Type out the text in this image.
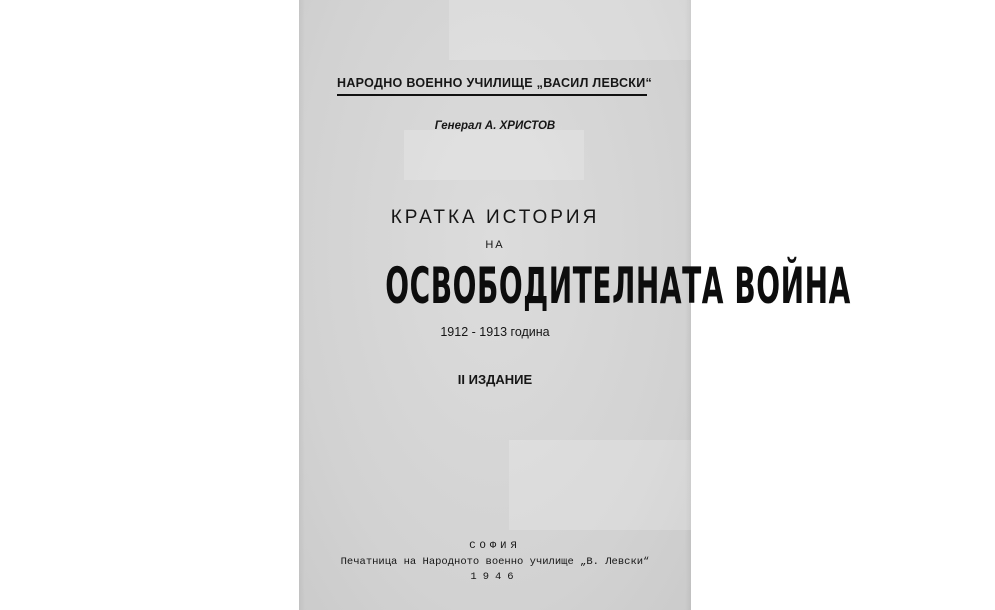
НАРОДНО ВОЕННО УЧИЛИЩЕ „ВАСИЛ ЛЕВСКИ“
Генерал А. ХРИСТОВ
КРАТКА ИСТОРИЯ
НА
ОСВОБОДИТЕЛНАТА ВОЙНА
1912 - 1913 година
II ИЗДАНИЕ
СОФИЯ
Печатница на Народното военно училище „В. Левски“
1946
